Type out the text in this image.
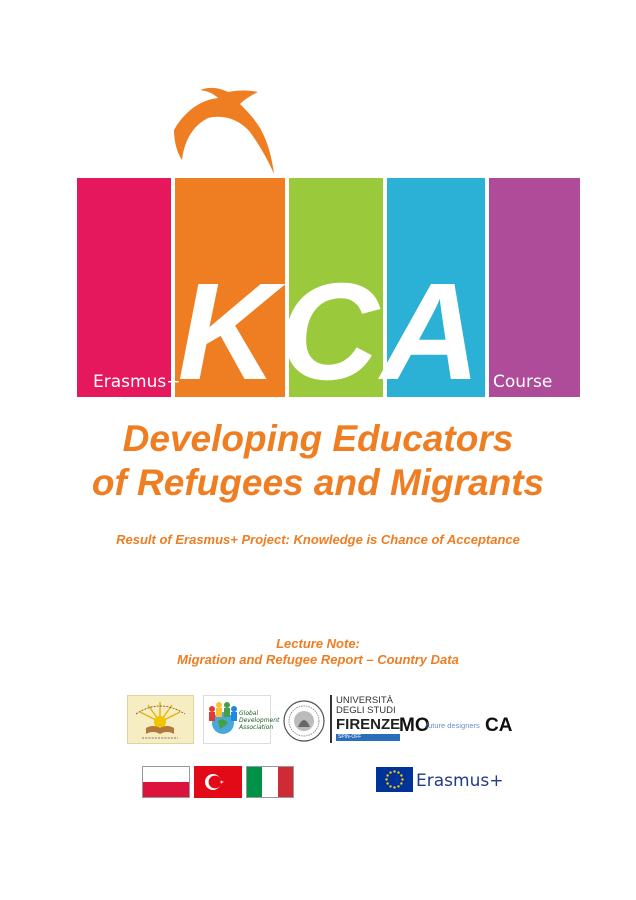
KCA
Erasmus+	Course
Developing Educators
of Refugees and Migrants
Result of Erasmus+ Project: Knowledge is Chance of Acceptance
Lecture Note:
Migration and Refugee Report – Country Data
Global
Development
Association
UNIVERSITÀ
DEGLI STUDI
FIRENZE
SPIN-OFF
MO
future designers CA
Erasmus+
